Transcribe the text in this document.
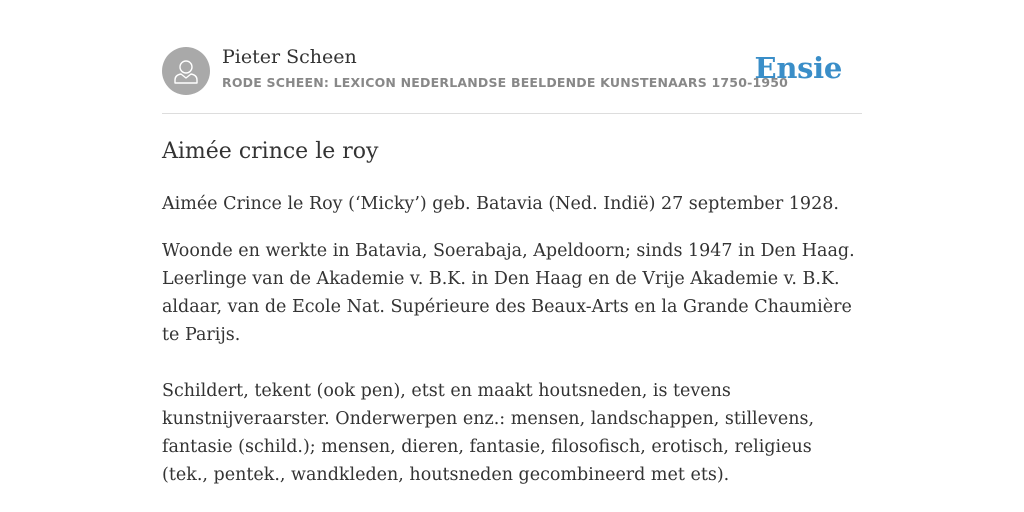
Pieter Scheen
RODE SCHEEN: LEXICON NEDERLANDSE BEELDENDE KUNSTENAARS 1750-1950
Ensie
Aimée crince le roy

Aimée Crince le Roy (‘Micky’) geb. Batavia (Ned. Indië) 27 september 1928.

Woonde en werkte in Batavia, Soerabaja, Apeldoorn; sinds 1947 in Den Haag. Leerlinge van de Akademie v. B.K. in Den Haag en de Vrije Akademie v. B.K. aldaar, van de Ecole Nat. Supérieure des Beaux-Arts en la Grande Chaumière te Parijs.

Schildert, tekent (ook pen), etst en maakt houtsneden, is tevens kunstnijveraarster. Onderwerpen enz.: mensen, landschappen, stillevens, fantasie (schild.); mensen, dieren, fantasie, filosofisch, erotisch, religieus (tek., pentek., wandkleden, houtsneden gecombineerd met ets).
